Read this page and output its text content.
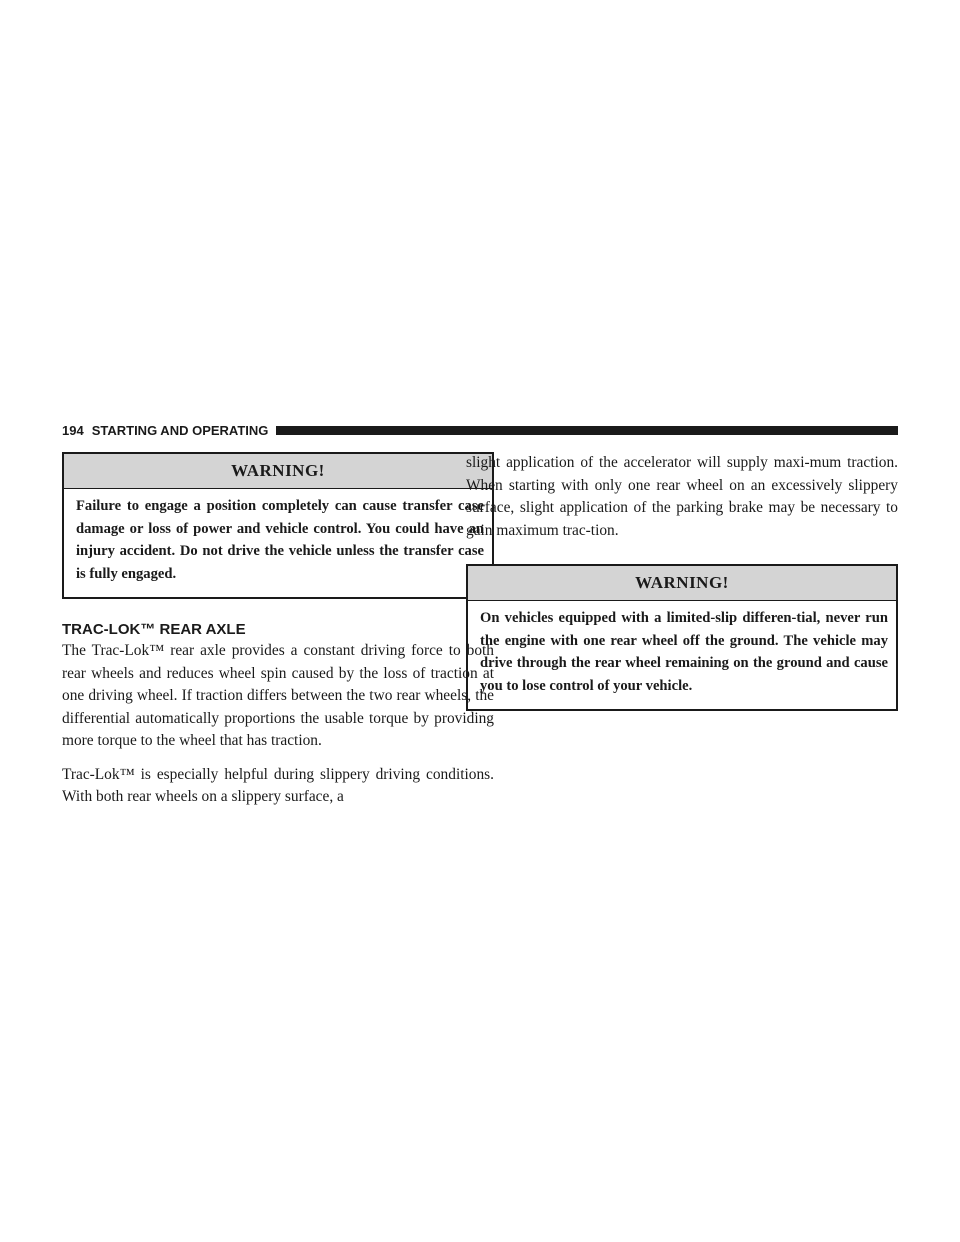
194 STARTING AND OPERATING
WARNING!
Failure to engage a position completely can cause transfer case damage or loss of power and vehicle control. You could have an injury accident. Do not drive the vehicle unless the transfer case is fully engaged.
TRAC-LOK™ REAR AXLE

The Trac-Lok™ rear axle provides a constant driving force to both rear wheels and reduces wheel spin caused by the loss of traction at one driving wheel. If traction differs between the two rear wheels, the differential automatically proportions the usable torque by providing more torque to the wheel that has traction.

Trac-Lok™ is especially helpful during slippery driving conditions. With both rear wheels on a slippery surface, a

slight application of the accelerator will supply maxi-mum traction. When starting with only one rear wheel on an excessively slippery surface, slight application of the parking brake may be necessary to gain maximum trac-tion.

WARNING!
On vehicles equipped with a limited-slip differen-tial, never run the engine with one rear wheel off the ground. The vehicle may drive through the rear wheel remaining on the ground and cause you to lose control of your vehicle.
